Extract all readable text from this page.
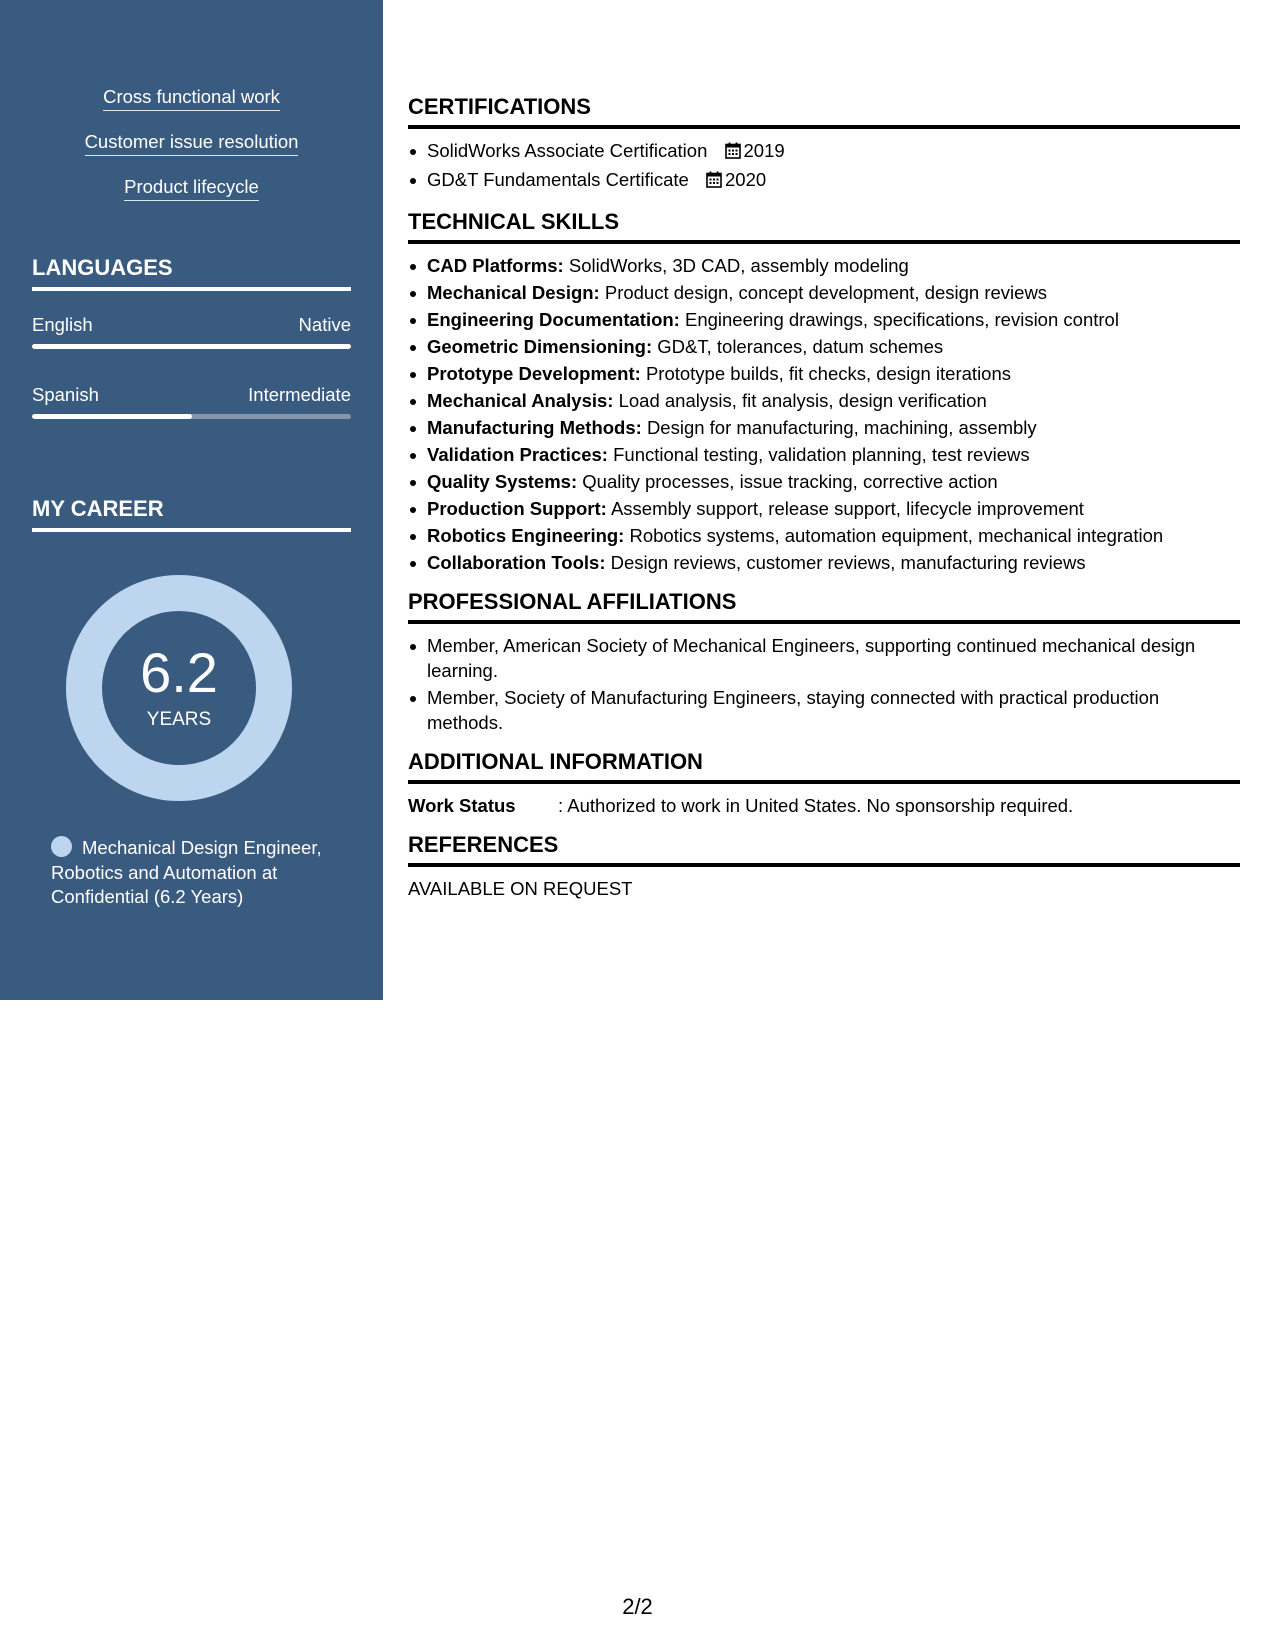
Cross functional work
Customer issue resolution
Product lifecycle
LANGUAGES
English	Native
Spanish	Intermediate
MY CAREER
6.2
YEARS
Mechanical Design Engineer, Robotics and Automation at Confidential (6.2 Years)
CERTIFICATIONS
SolidWorks Associate Certification 2019
GD&T Fundamentals Certificate 2020
TECHNICAL SKILLS
CAD Platforms: SolidWorks, 3D CAD, assembly modeling
Mechanical Design: Product design, concept development, design reviews
Engineering Documentation: Engineering drawings, specifications, revision control
Geometric Dimensioning: GD&T, tolerances, datum schemes
Prototype Development: Prototype builds, fit checks, design iterations
Mechanical Analysis: Load analysis, fit analysis, design verification
Manufacturing Methods: Design for manufacturing, machining, assembly
Validation Practices: Functional testing, validation planning, test reviews
Quality Systems: Quality processes, issue tracking, corrective action
Production Support: Assembly support, release support, lifecycle improvement
Robotics Engineering: Robotics systems, automation equipment, mechanical integration
Collaboration Tools: Design reviews, customer reviews, manufacturing reviews
PROFESSIONAL AFFILIATIONS
Member, American Society of Mechanical Engineers, supporting continued mechanical design learning.
Member, Society of Manufacturing Engineers, staying connected with practical production methods.
ADDITIONAL INFORMATION
Work Status	: Authorized to work in United States. No sponsorship required.
REFERENCES
AVAILABLE ON REQUEST
2/2
